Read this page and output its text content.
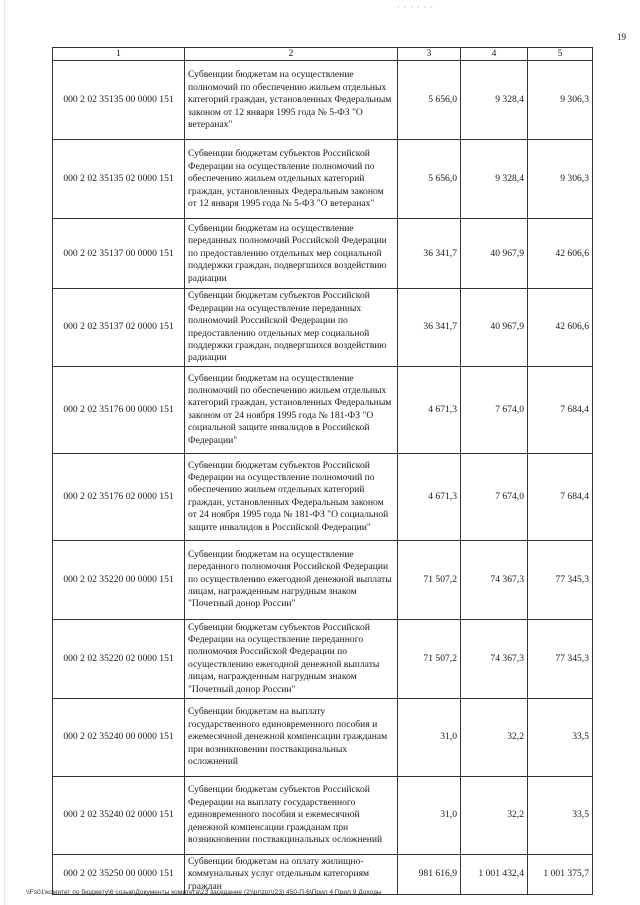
· · · · · ·
19
1	2	3	4	5
000 2 02 35135 00 0000 151	Субвенции бюджетам на осуществление полномочий по обеспечению жильем отдельных категорий граждан, установленных Федеральным законом от 12 января 1995 года № 5-ФЗ "О ветеранах"	5 656,0	9 328,4	9 306,3
000 2 02 35135 02 0000 151	Субвенции бюджетам субъектов Российской Федерации на осуществление полномочий по обеспечению жильем отдельных категорий граждан, установленных Федеральным законом от 12 января 1995 года № 5-ФЗ "О ветеранах"	5 656,0	9 328,4	9 306,3
000 2 02 35137 00 0000 151	Субвенции бюджетам на осуществление переданных полномочий Российской Федерации по предоставлению отдельных мер социальной поддержки граждан, подвергшихся воздействию радиации	36 341,7	40 967,9	42 606,6
000 2 02 35137 02 0000 151	Субвенции бюджетам субъектов Российской Федерации на осуществление переданных полномочий Российской Федерации по предоставлению отдельных мер социальной поддержки граждан, подвергшихся воздействию радиации	36 341,7	40 967,9	42 606,6
000 2 02 35176 00 0000 151	Субвенции бюджетам на осуществление полномочий по обеспечению жильем отдельных категорий граждан, установленных Федеральным законом от 24 ноября 1995 года № 181-ФЗ "О социальной защите инвалидов в Российской Федерации"	4 671,3	7 674,0	7 684,4
000 2 02 35176 02 0000 151	Субвенции бюджетам субъектов Российской Федерации на осуществление полномочий по обеспечению жильем отдельных категорий граждан, установленных Федеральным законом от 24 ноября 1995 года № 181-ФЗ "О социальной защите инвалидов в Российской Федерации"	4 671,3	7 674,0	7 684,4
000 2 02 35220 00 0000 151	Субвенции бюджетам на осуществление переданного полномочия Российской Федерации по осуществлению ежегодной денежной выплаты лицам, награжденным нагрудным знаком "Почетный донор России"	71 507,2	74 367,3	77 345,3
000 2 02 35220 02 0000 151	Субвенции бюджетам субъектов Российской Федерации на осуществление переданного полномочия Российской Федерации по осуществлению ежегодной денежной выплаты лицам, награжденным нагрудным знаком "Почетный донор России"	71 507,2	74 367,3	77 345,3
000 2 02 35240 00 0000 151	Субвенции бюджетам на выплату государственного единовременного пособия и ежемесячной денежной компенсации гражданам при возникновении поствакцинальных осложнений	31,0	32,2	33,5
000 2 02 35240 02 0000 151	Субвенции бюджетам субъектов Российской Федерации на выплату государственного единовременного пособия и ежемесячной денежной компенсации гражданам при возникновении поствакцинальных осложнений	31,0	32,2	33,5
000 2 02 35250 00 0000 151	Субвенции бюджетам на оплату жилищно-коммунальных услуг отдельным категориям граждан	981 616,9	1 001 432,4	1 001 375,7
\\Fs01\комитет по бюджету\6 созыв\Документы комитета\23 заседание (2)\pr\zpr\(23) 450-П-6\Прил 4 Прил 9 Доходы
